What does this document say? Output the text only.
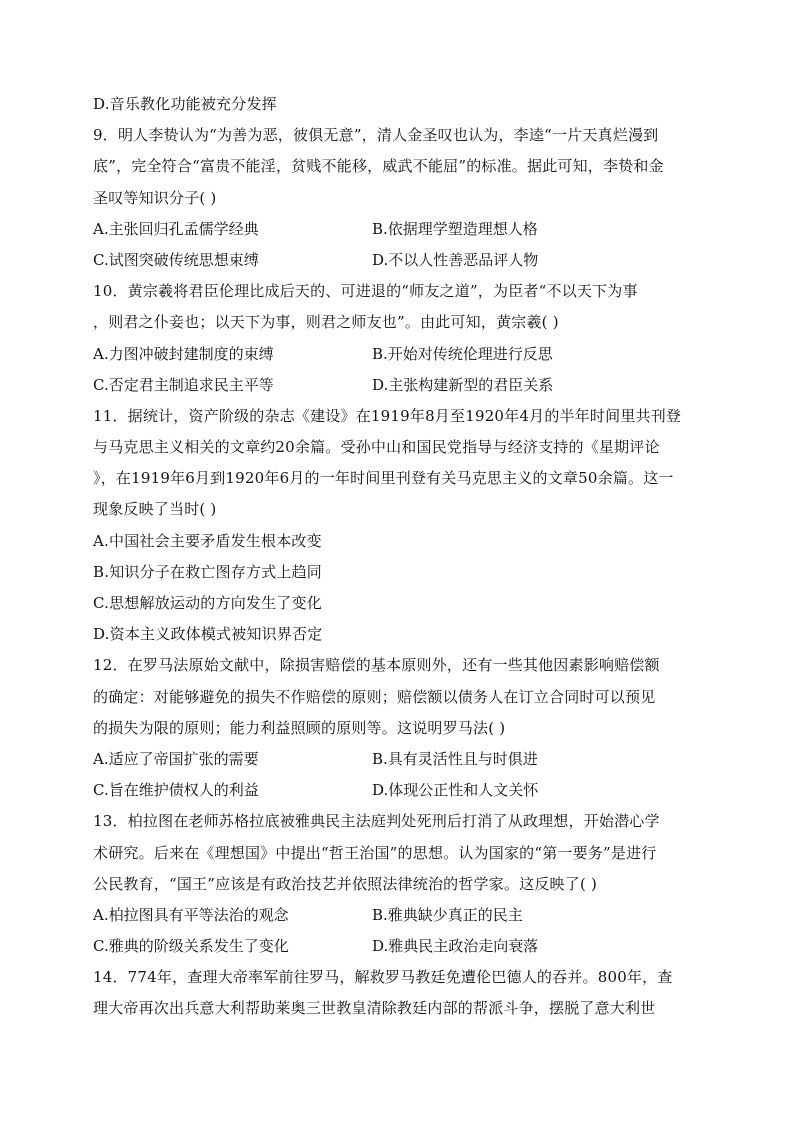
D.音乐教化功能被充分发挥
9．明人李贽认为“为善为恶，彼俱无意”，清人金圣叹也认为，李逵“一片天真烂漫到
底”，完全符合“富贵不能淫，贫贱不能移，威武不能屈”的标准。据此可知，李贽和金
圣叹等知识分子( )
A.主张回归孔孟儒学经典	B.依据理学塑造理想人格
C.试图突破传统思想束缚	D.不以人性善恶品评人物
10．黄宗羲将君臣伦理比成后天的、可进退的“师友之道”，为臣者“不以天下为事
，则君之仆妾也；以天下为事，则君之师友也”。由此可知，黄宗羲( )
A.力图冲破封建制度的束缚	B.开始对传统伦理进行反思
C.否定君主制追求民主平等	D.主张构建新型的君臣关系
11．据统计，资产阶级的杂志《建设》在1919年8月至1920年4月的半年时间里共刊登
与马克思主义相关的文章约20余篇。受孙中山和国民党指导与经济支持的《星期评论
》，在1919年6月到1920年6月的一年时间里刊登有关马克思主义的文章50余篇。这一
现象反映了当时( )
A.中国社会主要矛盾发生根本改变
B.知识分子在救亡图存方式上趋同
C.思想解放运动的方向发生了变化
D.资本主义政体模式被知识界否定
12．在罗马法原始文献中，除损害赔偿的基本原则外，还有一些其他因素影响赔偿额
的确定：对能够避免的损失不作赔偿的原则；赔偿额以债务人在订立合同时可以预见
的损失为限的原则；能力利益照顾的原则等。这说明罗马法( )
A.适应了帝国扩张的需要	B.具有灵活性且与时俱进
C.旨在维护债权人的利益	D.体现公正性和人文关怀
13．柏拉图在老师苏格拉底被雅典民主法庭判处死刑后打消了从政理想，开始潜心学
术研究。后来在《理想国》中提出“哲王治国”的思想。认为国家的“第一要务”是进行
公民教育，“国王”应该是有政治技艺并依照法律统治的哲学家。这反映了( )
A.柏拉图具有平等法治的观念	B.雅典缺少真正的民主
C.雅典的阶级关系发生了变化	D.雅典民主政治走向衰落
14．774年，查理大帝率军前往罗马，解救罗马教廷免遭伦巴德人的吞并。800年，查
理大帝再次出兵意大利帮助莱奥三世教皇清除教廷内部的帮派斗争，摆脱了意大利世
